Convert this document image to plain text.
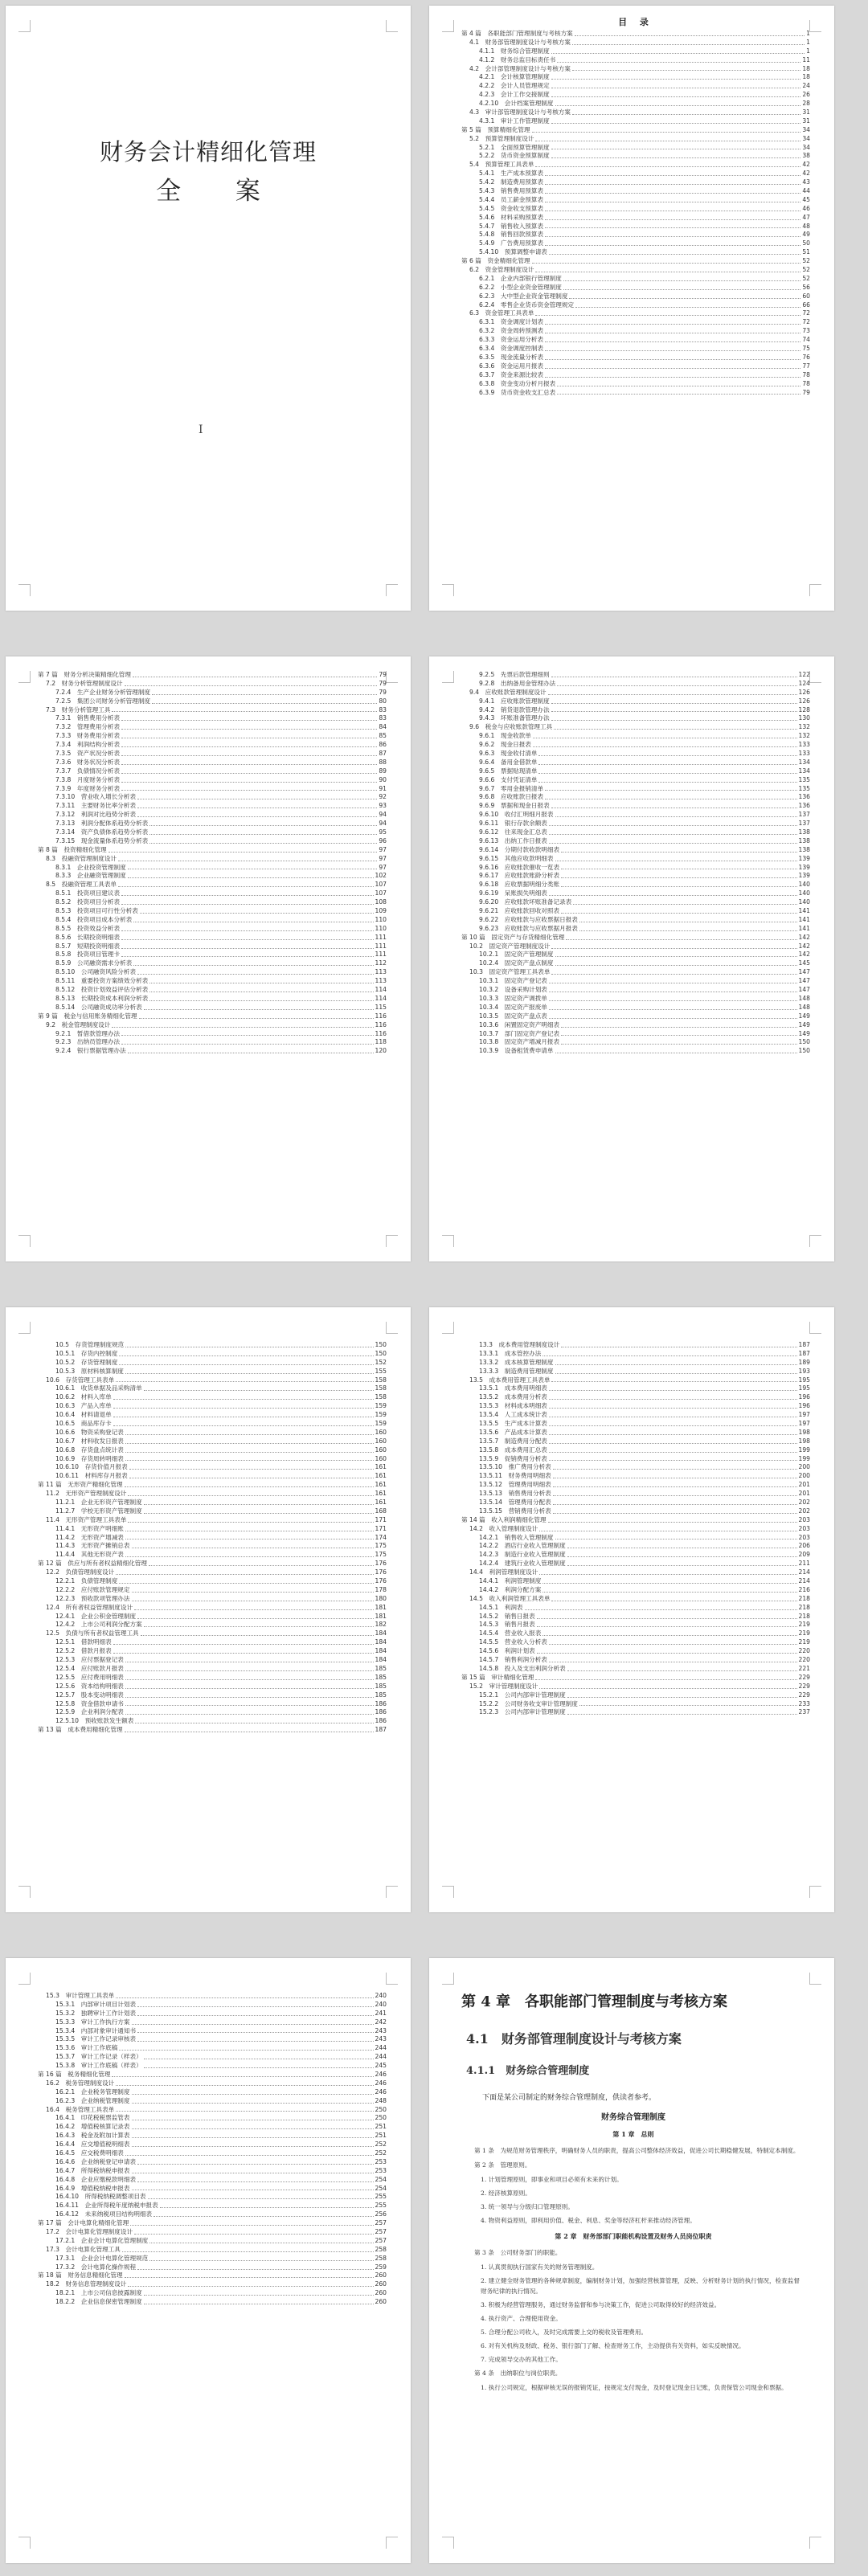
财务会计精细化管理
全 案
I
目 录
第 4 篇　各职能部门管理制度与考核方案	1
4.1　财务部管理制度设计与考核方案	1
4.1.1　财务综合管理制度	1
4.1.2　财务总监目标责任书	11
4.2　会计部管理制度设计与考核方案	18
4.2.1　会计核算管理制度	18
4.2.2　会计人员管理规定	24
4.2.3　会计工作交接制度	26
4.2.10　会计档案管理制度	28
4.3　审计部管理制度设计与考核方案	31
4.3.1　审计工作管理制度	31
第 5 篇　预算精细化管理	34
5.2　预算管理制度设计	34
5.2.1　全面预算管理制度	34
5.2.2　货币资金预算制度	38
5.4　预算管理工具表单	42
5.4.1　生产成本预算表	42
5.4.2　制造费用预算表	43
5.4.3　销售费用预算表	44
5.4.4　员工薪金预算表	45
5.4.5　资金收支预算表	46
5.4.6　材料采购预算表	47
5.4.7　销售收入预算表	48
5.4.8　销售回款预算表	49
5.4.9　广告费用预算表	50
5.4.10　预算调整申请表	51
第 6 篇　资金精细化管理	52
6.2　资金管理制度设计	52
6.2.1　企业内部银行管理制度	52
6.2.2　小型企业资金管理制度	56
6.2.3　大中型企业资金管理制度	60
6.2.4　零售企业货币资金管理规定	66
6.3　资金管理工具表单	72
6.3.1　资金调度计划表	72
6.3.2　资金周转预测表	73
6.3.3　资金运用分析表	74
6.3.4　资金调度控制表	75
6.3.5　现金流量分析表	76
6.3.6　资金运用月报表	77
6.3.7　资金来源比较表	78
6.3.8　资金变动分析月报表	78
6.3.9　货币资金收支汇总表	79
第 7 篇　财务分析决策精细化管理	79
7.2　财务分析管理制度设计	79
7.2.4　生产企业财务分析管理制度	79
7.2.5　集团公司财务分析管理制度	80
7.3　财务分析管理工具	83
7.3.1　销售费用分析表	83
7.3.2　管理费用分析表	84
7.3.3　财务费用分析表	85
7.3.4　利润结构分析表	86
7.3.5　资产状况分析表	87
7.3.6　财务状况分析表	88
7.3.7　负债情况分析表	89
7.3.8　月度财务分析表	90
7.3.9　年度财务分析表	91
7.3.10　营业收入增长分析表	92
7.3.11　主要财务比率分析表	93
7.3.12　利润对比趋势分析表	94
7.3.13　利润分配体系趋势分析表	94
7.3.14　资产负债体系趋势分析表	95
7.3.15　现金流量体系趋势分析表	96
第 8 篇　投资精细化管理	97
8.3　投融资管理制度设计	97
8.3.1　企业投资管理制度	97
8.3.3　企业融资管理制度	102
8.5　投融资管理工具表单	107
8.5.1　投资项目建议表	107
8.5.2　投资项目分析表	108
8.5.3　投资项目可行性分析表	109
8.5.4　投资项目成本分析表	110
8.5.5　投资效益分析表	110
8.5.6　长期投资明细表	111
8.5.7　短期投资明细表	111
8.5.8　投资项目管理卡	111
8.5.9　公司融资需求分析表	112
8.5.10　公司融资风险分析表	113
8.5.11　重要投资方案绩效分析表	113
8.5.12　投资计划效益评估分析表	114
8.5.13　长期投资成本利润分析表	114
8.5.14　公司融资成功率分析表	115
第 9 篇　税金与信用账务精细化管理	116
9.2　税金管理制度设计	116
9.2.1　暂借款管理办法	116
9.2.3　出纳员管理办法	118
9.2.4　银行票据管理办法	120
9.2.5　先票后款管理细则	122
9.2.8　出纳备用金管理办法	124
9.4　应收账款管理制度设计	126
9.4.1　应收账款管理制度	126
9.4.2　销货退款管理办法	128
9.4.3　坏账准备管理办法	130
9.6　税金与应收账款管理工具	132
9.6.1　现金收款单	132
9.6.2　现金日报表	133
9.6.3　现金收付清单	133
9.6.4　备用金借款单	134
9.6.5　票据贴现清单	134
9.6.6　支付凭证清单	135
9.6.7　零用金报销清单	135
9.6.8　应收账款日报表	136
9.6.9　票据和现金日报表	136
9.6.10　收付汇明细月报表	137
9.6.11　银行存款余额表	137
9.6.12　往来现金汇总表	138
9.6.13　出纳工作日报表	138
9.6.14　分期付款收款明细表	138
9.6.15　其他应收款明细表	139
9.6.16　应收账款催收一览表	139
9.6.17　应收账款账龄分析表	139
9.6.18　应收票据明细分类账	140
9.6.19　呆账损失明细表	140
9.6.20　应收账款坏账准备记录表	140
9.6.21　应收账款回收对照表	141
9.6.22　应收账款与应收票据日报表	141
9.6.23　应收账款与应收票据月报表	141
第 10 篇　固定资产与存货精细化管理	142
10.2　固定资产管理制度设计	142
10.2.1　固定资产管理制度	142
10.2.4　固定资产盘点制度	145
10.3　固定资产管理工具表单	147
10.3.1　固定资产登记表	147
10.3.2　设备采购计划表	147
10.3.3　固定资产调拨单	148
10.3.4　固定资产报废单	148
10.3.5　固定资产盘点表	149
10.3.6　闲置固定资产明细表	149
10.3.7　部门固定资产登记表	149
10.3.8　固定资产增减月报表	150
10.3.9　设备租赁费申请单	150
10.5　存货管理制度规范	150
10.5.1　存货内控制度	150
10.5.2　存货管理制度	152
10.5.3　原材料核算制度	155
10.6　存货管理工具表单	158
10.6.1　收货单据及品采购清单	158
10.6.2　材料入库单	158
10.6.3　产品入库单	159
10.6.4　材料请退单	159
10.6.5　商品库存卡	159
10.6.6　物资采购登记表	160
10.6.7　材料收发日报表	160
10.6.8　存货盘点统计表	160
10.6.9　存货周转明细表	160
10.6.10　存货价值月报表	161
10.6.11　材料库存月报表	161
第 11 篇　无形资产精细化管理	161
11.2　无形资产管理制度设计	161
11.2.1　企业无形资产管理制度	161
11.2.7　学校无形资产管理制度	168
11.4　无形资产管理工具表单	171
11.4.1　无形资产明细账	171
11.4.2　无形资产增减表	174
11.4.3　无形资产摊销总表	175
11.4.4　其他无形资产表	175
第 12 篇　供应与所有者权益精细化管理	176
12.2　负债管理制度设计	176
12.2.1　负债管理制度	176
12.2.2　应付账款管理规定	178
12.2.3　预收款项管理办法	180
12.4　所有者权益管理制度设计	181
12.4.1　企业公积金管理制度	181
12.4.2　上市公司利润分配方案	182
12.5　负债与所有者权益管理工具	184
12.5.1　借款明细表	184
12.5.2　借款月报表	184
12.5.3　应付票据登记表	184
12.5.4　应付账款月报表	185
12.5.5　应付费用明细表	185
12.5.6　资本结构明细表	185
12.5.7　股本变动明细表	185
12.5.8　资金借款申请书	186
12.5.9　企业利润分配表	186
12.5.10　预收账款发生额表	186
第 13 篇　成本费用精细化管理	187
13.3　成本费用管理制度设计	187
13.3.1　成本管控办法	187
13.3.2　成本核算管理制度	189
13.3.3　制造费用管理制度	193
13.5　成本费用管理工具表单	195
13.5.1　成本费用明细表	195
13.5.2　成本费用分析表	196
13.5.3　材料成本明细表	196
13.5.4　人工成本统计表	197
13.5.5　生产成本计算表	197
13.5.6　产品成本计算表	198
13.5.7　制造费用分配表	198
13.5.8　成本费用汇总表	199
13.5.9　促销费用分析表	199
13.5.10　推广费用分析表	200
13.5.11　财务费用明细表	200
13.5.12　管理费用明细表	201
13.5.13　销售费用分析表	201
13.5.14　管理费用分配表	202
13.5.15　营销费用分析表	202
第 14 篇　收入利润精细化管理	203
14.2　收入管理制度设计	203
14.2.1　销售收入管理制度	203
14.2.2　酒店行业收入管理制度	206
14.2.3　制造行业收入管理制度	209
14.2.4　建筑行业收入管理制度	211
14.4　利润管理制度设计	214
14.4.1　利润管理制度	214
14.4.2　利润分配方案	216
14.5　收入利润管理工具表单	218
14.5.1　利润表	218
14.5.2　销售日报表	218
14.5.3　销售月报表	219
14.5.4　营业收入报表	219
14.5.5　营业收入分析表	219
14.5.6　利润计划表	220
14.5.7　销售利润分析表	220
14.5.8　投入及支出利润分析表	221
第 15 篇　审计精细化管理	229
15.2　审计管理制度设计	229
15.2.1　公司内部审计管理制度	229
15.2.2　公司财务收支审计管理制度	233
15.2.3　公司内部审计管理制度	237
15.3　审计管理工具表单	240
15.3.1　内部审计项目计划表	240
15.3.2　独聘审计工作计划表	241
15.3.3　审计工作执行方案	242
15.3.4　内部对象审计通知书	243
15.3.5　审计工作记录审核表	243
15.3.6　审计工作底稿	244
15.3.7　审计工作记录（样表）	244
15.3.8　审计工作底稿（样表）	245
第 16 篇　税务精细化管理	246
16.2　税务管理制度设计	246
16.2.1　企业税务管理制度	246
16.2.3　企业纳税管理制度	248
16.4　税务管理工具表单	250
16.4.1　印花税税票监管表	250
16.4.2　增值税核算记录表	251
16.4.3　税金及附加计算表	251
16.4.4　应交增值税明细表	252
16.4.5　应交税费明细表	252
16.4.6　企业纳税登记申请表	253
16.4.7　所得税纳税申报表	253
16.4.8　企业应缴税款明细表	254
16.4.9　增值税纳税申报表	254
16.4.10　所得税纳税调整项目表	255
16.4.11　企业所得税年度纳税申报表	255
16.4.12　未来纳税项目结构明细表	256
第 17 篇　会计电算化精细化管理	257
17.2　会计电算化管理制度设计	257
17.2.1　企业会计电算化管理制度	257
17.3　会计电算化管理工具	258
17.3.1　企业会计电算化管理规范	258
17.3.2　会计电算化操作规程	259
第 18 篇　财务信息精细化管理	260
18.2　财务信息管理制度设计	260
18.2.1　上市公司信息披露制度	260
18.2.2　企业信息保密管理制度	260
第 4 章　各职能部门管理制度与考核方案
4.1　财务部管理制度设计与考核方案
4.1.1　财务综合管理制度
下面是某公司制定的财务综合管理制度，供读者参考。
财务综合管理制度
第 1 章　总则
第 1 条　为规范财务管理秩序，明确财务人员的职责，提高公司整体经济效益，促进公司长期稳健发展，特制定本制度。
第 2 条　管理原则。
1. 计划管理原则，即事业和项目必须有未来的计划。
2. 经济核算原则。
3. 统一领导与分级归口管理原则。
4. 物资利益原则，即利用价值、税金、利息、奖金等经济杠杆来推动经济管理。
第 2 章　财务部部门职能机构设置及财务人员岗位职责
第 3 条　公司财务部门的职能。
1. 认真贯彻执行国家有关的财务管理制度。
2. 建立健全财务管理的各种规章制度，编制财务计划，加强经营核算管理，反映、分析财务计划的执行情况，检查监督财务纪律的执行情况。
3. 积极为经营管理服务，通过财务监督和参与决策工作，促进公司取得较好的经济效益。
4. 执行资产、合理使用资金。
5. 合理分配公司收入，及时完成需要上交的税收及管理费用。
6. 对有关机构及财政、税务、银行部门了解、检查财务工作，主动提供有关资料，如实反映情况。
7. 完成领导交办的其他工作。
第 4 条　出纳职位与岗位职责。
1. 执行公司规定，根据审核无误的报销凭证，按规定支付现金，及时登记现金日记账，负责保管公司现金和票据。
